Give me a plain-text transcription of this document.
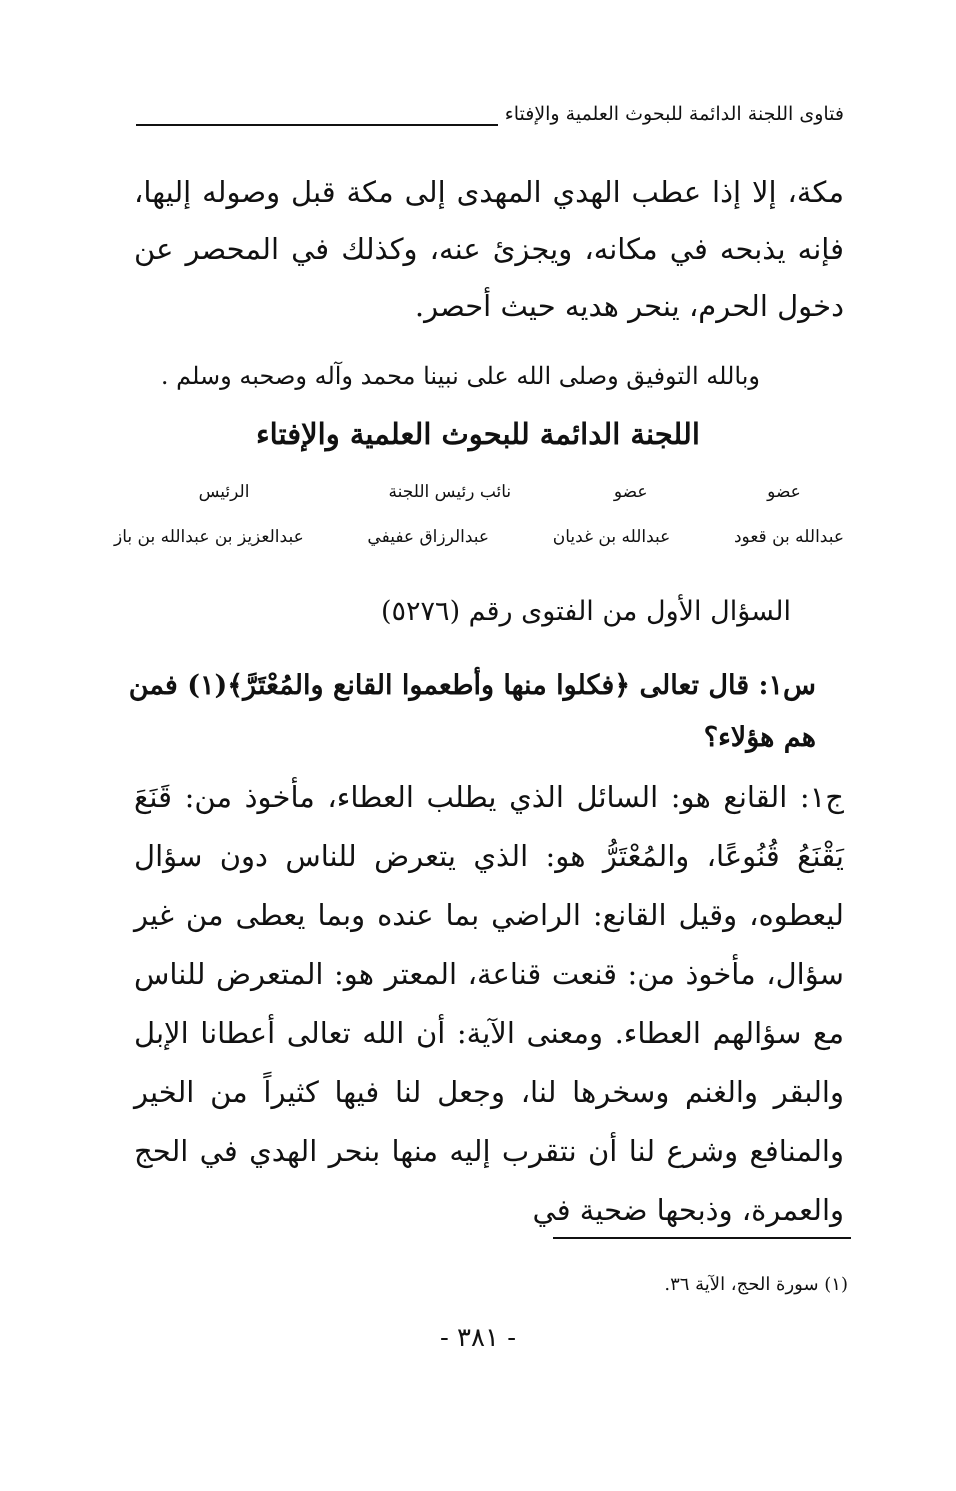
فتاوى اللجنة الدائمة للبحوث العلمية والإفتاء

مكة، إلا إذا عطب الهدي المهدى إلى مكة قبل وصوله إليها، فإنه يذبحه في مكانه، ويجزئ عنه، وكذلك في المحصر عن دخول الحرم، ينحر هديه حيث أحصر.

وبالله التوفيق وصلى الله على نبينا محمد وآله وصحبه وسلم .
اللجنة الدائمة للبحوث العلمية والإفتاء
عضو
عضو
نائب رئيس اللجنة
الرئيس
عبدالله بن قعود
عبدالله بن غديان
عبدالرزاق عفيفي
عبدالعزيز بن عبدالله بن باز
السؤال الأول من الفتوى رقم (٥٢٧٦)

س١: قال تعالى ﴿فكلوا منها وأطعموا القانع والمُعْتَرَّ﴾(١) فمن هم هؤلاء؟

ج١: القانع هو: السائل الذي يطلب العطاء، مأخوذ من: قَنَعَ يَقْنَعُ قُنُوعًا، والمُعْتَرُّ هو: الذي يتعرض للناس دون سؤال ليعطوه، وقيل القانع: الراضي بما عنده وبما يعطى من غير سؤال، مأخوذ من: قنعت قناعة، المعتر هو: المتعرض للناس مع سؤالهم العطاء. ومعنى الآية: أن الله تعالى أعطانا الإبل والبقر والغنم وسخرها لنا، وجعل لنا فيها كثيراً من الخير والمنافع وشرع لنا أن نتقرب إليه منها بنحر الهدي في الحج والعمرة، وذبحها ضحية في

(١) سورة الحج، الآية ٣٦.
- ٣٨١ -
